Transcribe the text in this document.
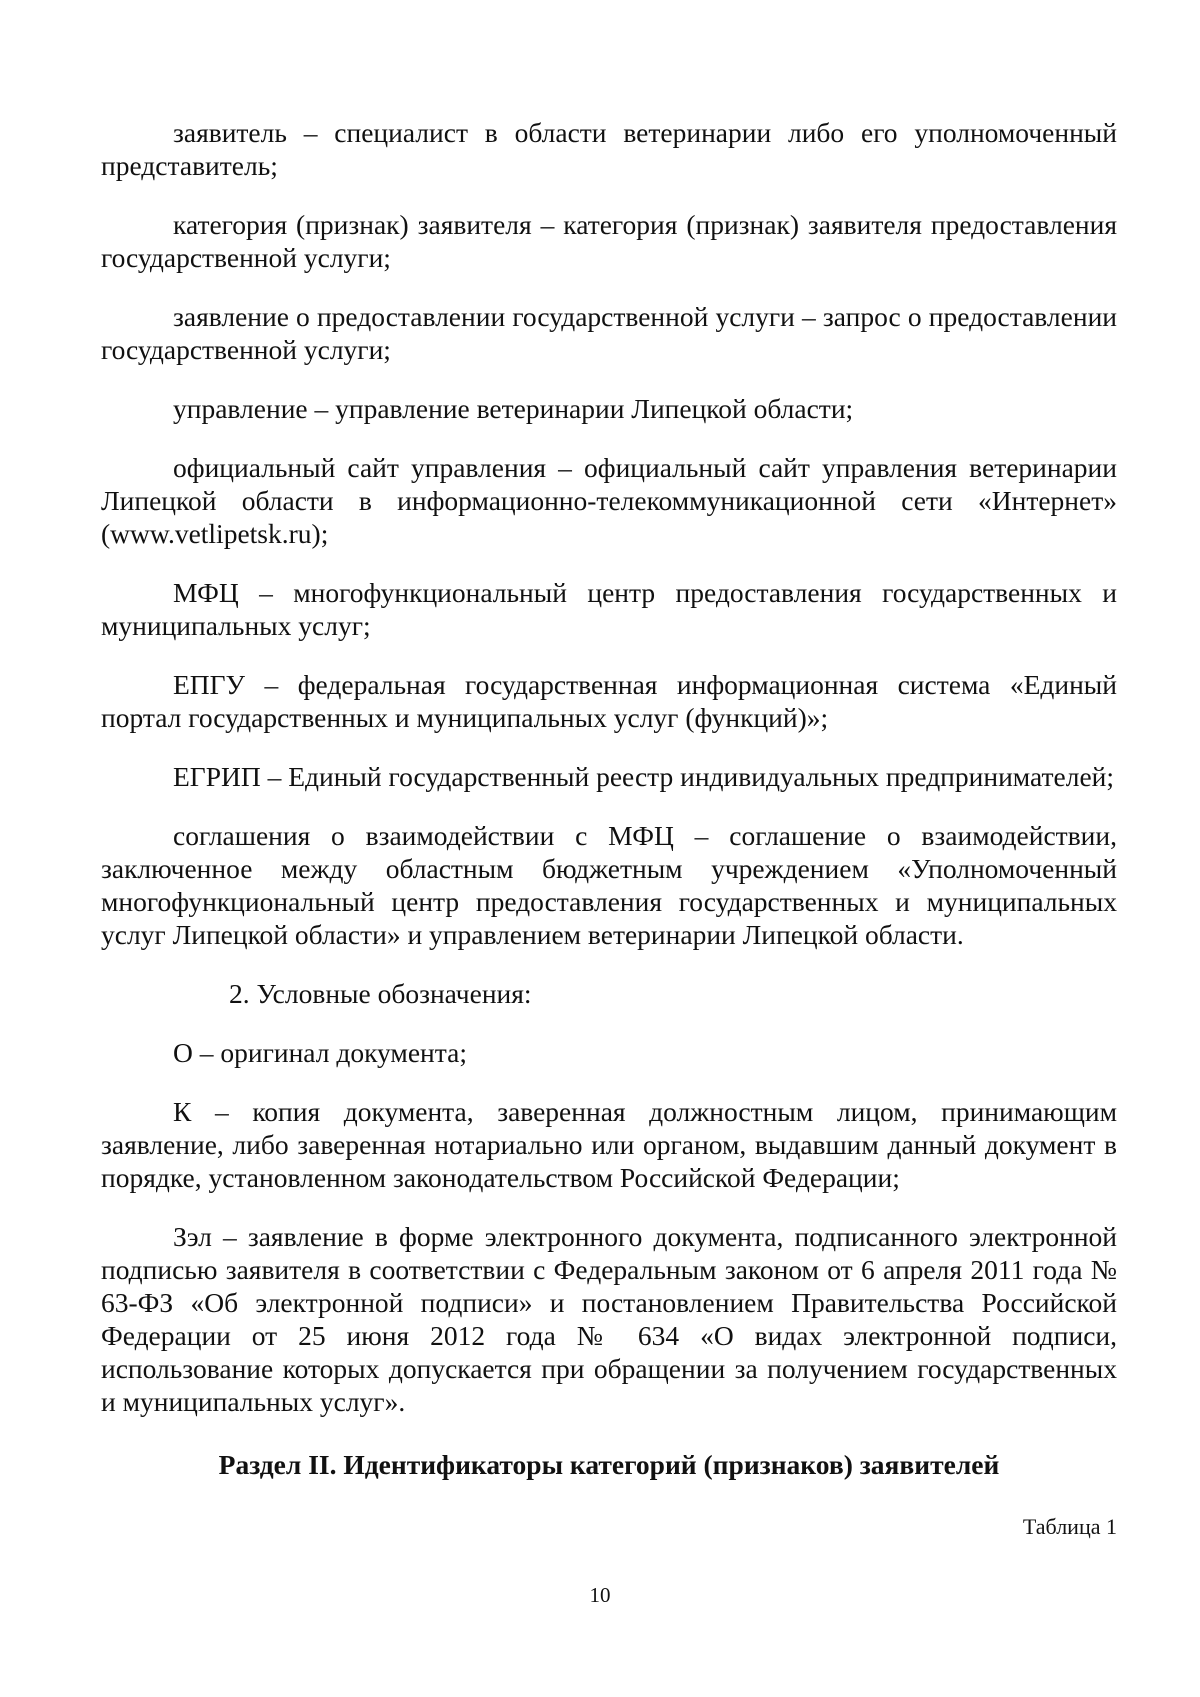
заявитель – специалист в области ветеринарии либо его уполномоченный представитель;

категория (признак) заявителя – категория (признак) заявителя предоставления государственной услуги;

заявление о предоставлении государственной услуги – запрос о предоставлении государственной услуги;

управление – управление ветеринарии Липецкой области;

официальный сайт управления – официальный сайт управления ветеринарии Липецкой области в информационно-телекоммуникационной сети «Интернет» (www.vetlipetsk.ru);

МФЦ – многофункциональный центр предоставления государственных и муниципальных услуг;

ЕПГУ – федеральная государственная информационная система «Единый портал государственных и муниципальных услуг (функций)»;

ЕГРИП – Единый государственный реестр индивидуальных предпринимателей;

соглашения о взаимодействии с МФЦ – соглашение о взаимодействии, заключенное между областным бюджетным учреждением «Уполномоченный многофункциональный центр предоставления государственных и муниципальных услуг Липецкой области» и управлением ветеринарии Липецкой области.

2. Условные обозначения:

О – оригинал документа;

К – копия документа, заверенная должностным лицом, принимающим заявление, либо заверенная нотариально или органом, выдавшим данный документ в порядке, установленном законодательством Российской Федерации;

Зэл – заявление в форме электронного документа, подписанного электронной подписью заявителя в соответствии с Федеральным законом от 6 апреля 2011 года № 63-ФЗ «Об электронной подписи» и постановлением Правительства Российской Федерации от 25 июня 2012 года № 634 «О видах электронной подписи, использование которых допускается при обращении за получением государственных и муниципальных услуг».

Раздел II. Идентификаторы категорий (признаков) заявителей
Таблица 1
10
